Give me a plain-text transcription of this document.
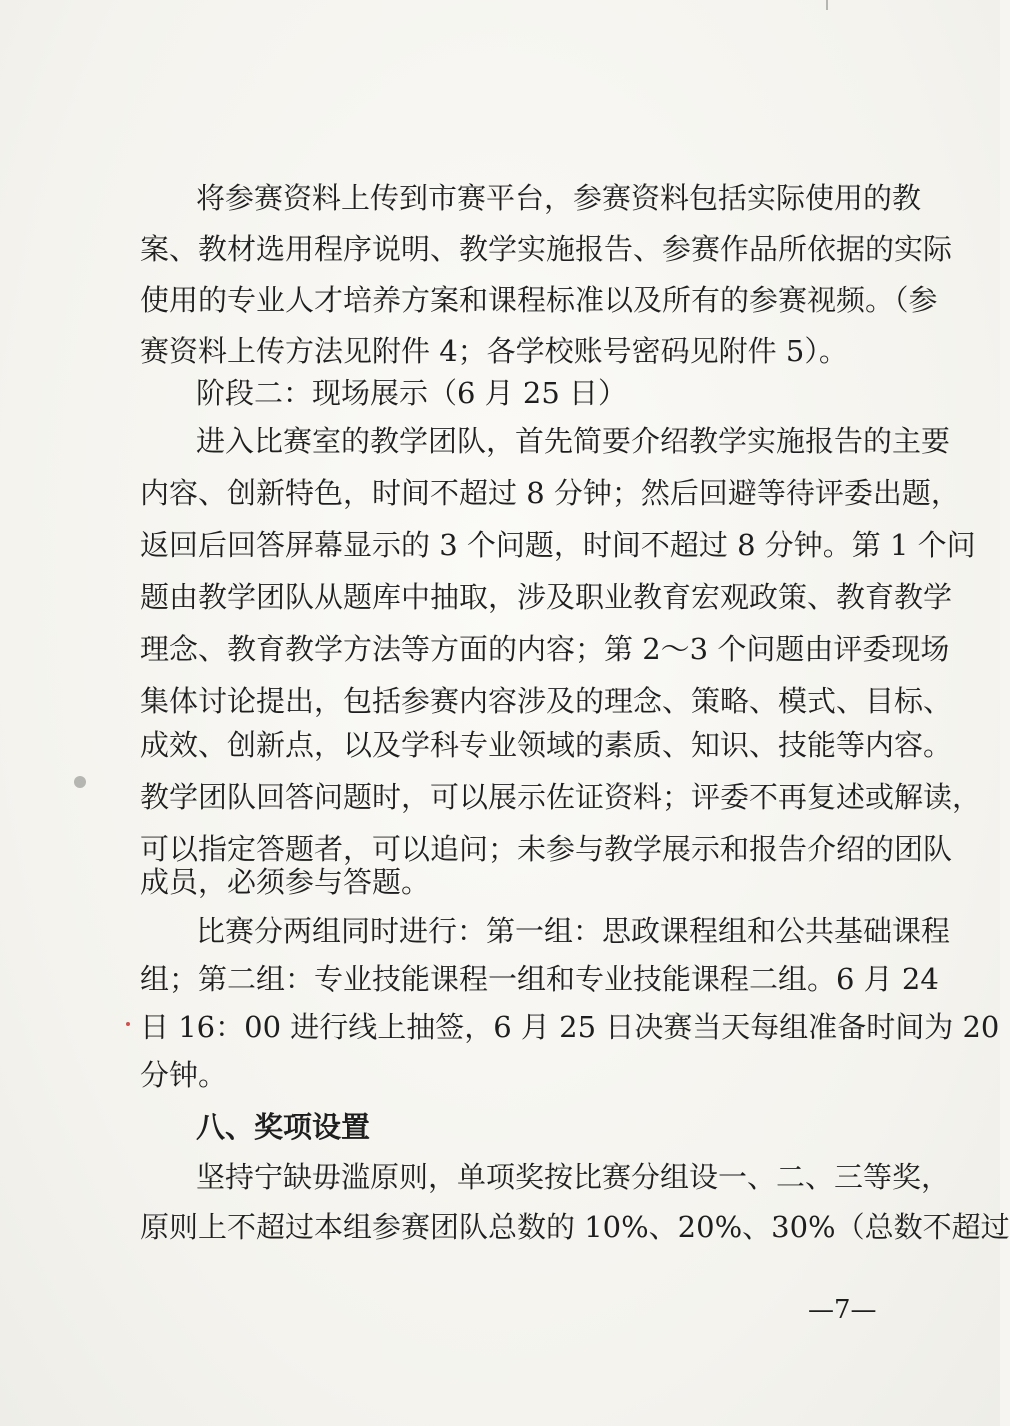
将参赛资料上传到市赛平台，参赛资料包括实际使用的教
案、教材选用程序说明、教学实施报告、参赛作品所依据的实际
使用的专业人才培养方案和课程标准以及所有的参赛视频。（参
赛资料上传方法见附件 4；各学校账号密码见附件 5）。
阶段二：现场展示（6 月 25 日）
进入比赛室的教学团队，首先简要介绍教学实施报告的主要
内容、创新特色，时间不超过 8 分钟；然后回避等待评委出题，
返回后回答屏幕显示的 3 个问题，时间不超过 8 分钟。第 1 个问
题由教学团队从题库中抽取，涉及职业教育宏观政策、教育教学
理念、教育教学方法等方面的内容；第 2～3 个问题由评委现场
集体讨论提出，包括参赛内容涉及的理念、策略、模式、目标、
成效、创新点，以及学科专业领域的素质、知识、技能等内容。
教学团队回答问题时，可以展示佐证资料；评委不再复述或解读，
可以指定答题者，可以追问；未参与教学展示和报告介绍的团队
成员，必须参与答题。
比赛分两组同时进行：第一组：思政课程组和公共基础课程
组；第二组：专业技能课程一组和专业技能课程二组。6 月 24
日 16：00 进行线上抽签，6 月 25 日决赛当天每组准备时间为 20
分钟。
八、奖项设置
坚持宁缺毋滥原则，单项奖按比赛分组设一、二、三等奖，
原则上不超过本组参赛团队总数的 10%、20%、30%（总数不超过
—7—
